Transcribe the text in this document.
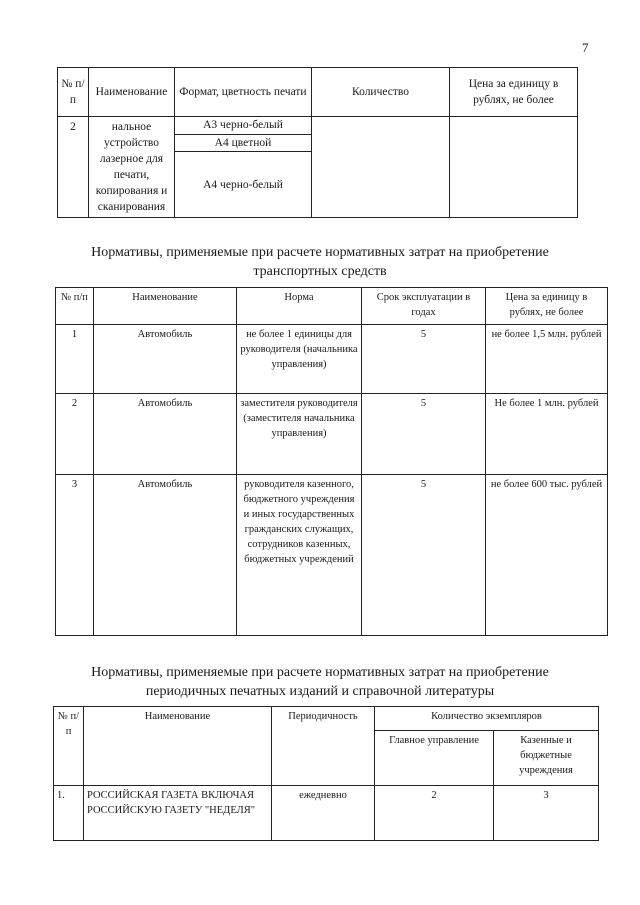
7
№ п/п	Наименование	Формат, цветность печати	Количество	Цена за единицу в рублях, не более
2	нальное устройство лазерное для печати, копирования и сканирования	А3 черно-белый		
		А4 цветной		
		А4 черно-белый		
Нормативы, применяемые при расчете нормативных затрат на приобретение
транспортных средств
№ п/п	Наименование	Норма	Срок эксплуатации в годах	Цена за единицу в рублях, не более
1	Автомобиль	не более 1 единицы для руководителя (начальника управления)	5	не более 1,5 млн. рублей
2	Автомобиль	заместителя руководителя (заместителя начальника управления)	5	Не более 1 млн. рублей
3	Автомобиль	руководителя казенного, бюджетного учреждения и иных государственных гражданских служащих, сотрудников казенных, бюджетных учреждений	5	не более 600 тыс. рублей
Нормативы, применяемые при расчете нормативных затрат на приобретение
периодичных печатных изданий и справочной литературы
№ п/п	Наименование	Периодичность	Количество экземпляров	
			Главное управление	Казенные и бюджетные учреждения
1.	РОССИЙСКАЯ ГАЗЕТА ВКЛЮЧАЯ РОССИЙСКУЮ ГАЗЕТУ "НЕДЕЛЯ"	ежедневно	2	3
